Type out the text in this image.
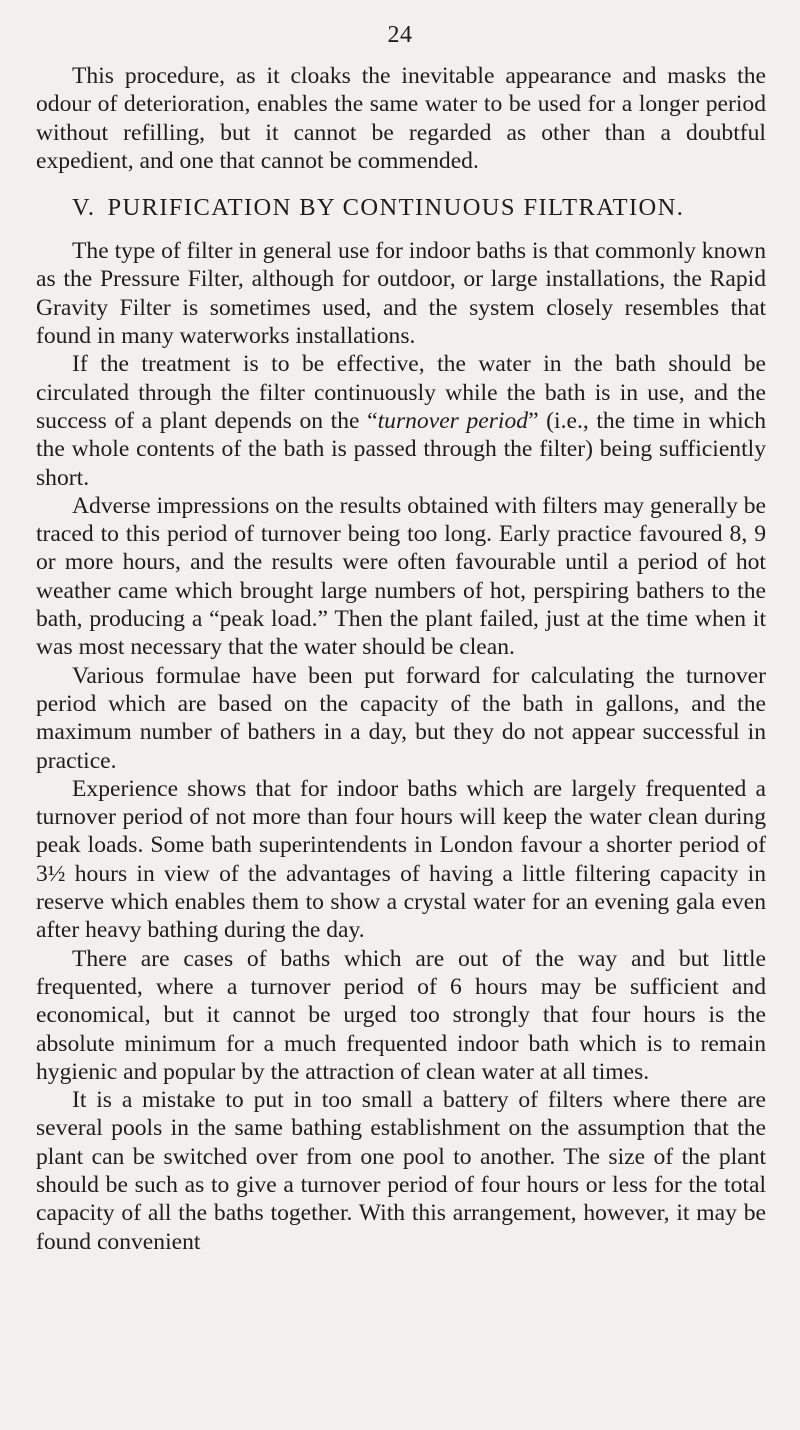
24

This procedure, as it cloaks the inevitable appearance and masks the odour of deterioration, enables the same water to be used for a longer period without refilling, but it cannot be regarded as other than a doubtful expedient, and one that cannot be commended.

V. PURIFICATION BY CONTINUOUS FILTRATION.

The type of filter in general use for indoor baths is that commonly known as the Pressure Filter, although for outdoor, or large installations, the Rapid Gravity Filter is sometimes used, and the system closely resembles that found in many waterworks installations.

If the treatment is to be effective, the water in the bath should be circulated through the filter continuously while the bath is in use, and the success of a plant depends on the “turnover period” (i.e., the time in which the whole contents of the bath is passed through the filter) being sufficiently short.

Adverse impressions on the results obtained with filters may generally be traced to this period of turnover being too long. Early practice favoured 8, 9 or more hours, and the results were often favourable until a period of hot weather came which brought large numbers of hot, perspiring bathers to the bath, producing a “peak load.” Then the plant failed, just at the time when it was most necessary that the water should be clean.

Various formulae have been put forward for calculating the turnover period which are based on the capacity of the bath in gallons, and the maximum number of bathers in a day, but they do not appear successful in practice.

Experience shows that for indoor baths which are largely frequented a turnover period of not more than four hours will keep the water clean during peak loads. Some bath superintendents in London favour a shorter period of 3½ hours in view of the advantages of having a little filtering capacity in reserve which enables them to show a crystal water for an evening gala even after heavy bathing during the day.

There are cases of baths which are out of the way and but little frequented, where a turnover period of 6 hours may be sufficient and economical, but it cannot be urged too strongly that four hours is the absolute minimum for a much frequented indoor bath which is to remain hygienic and popular by the attraction of clean water at all times.

It is a mistake to put in too small a battery of filters where there are several pools in the same bathing establishment on the assumption that the plant can be switched over from one pool to another. The size of the plant should be such as to give a turnover period of four hours or less for the total capacity of all the baths together. With this arrangement, however, it may be found convenient
